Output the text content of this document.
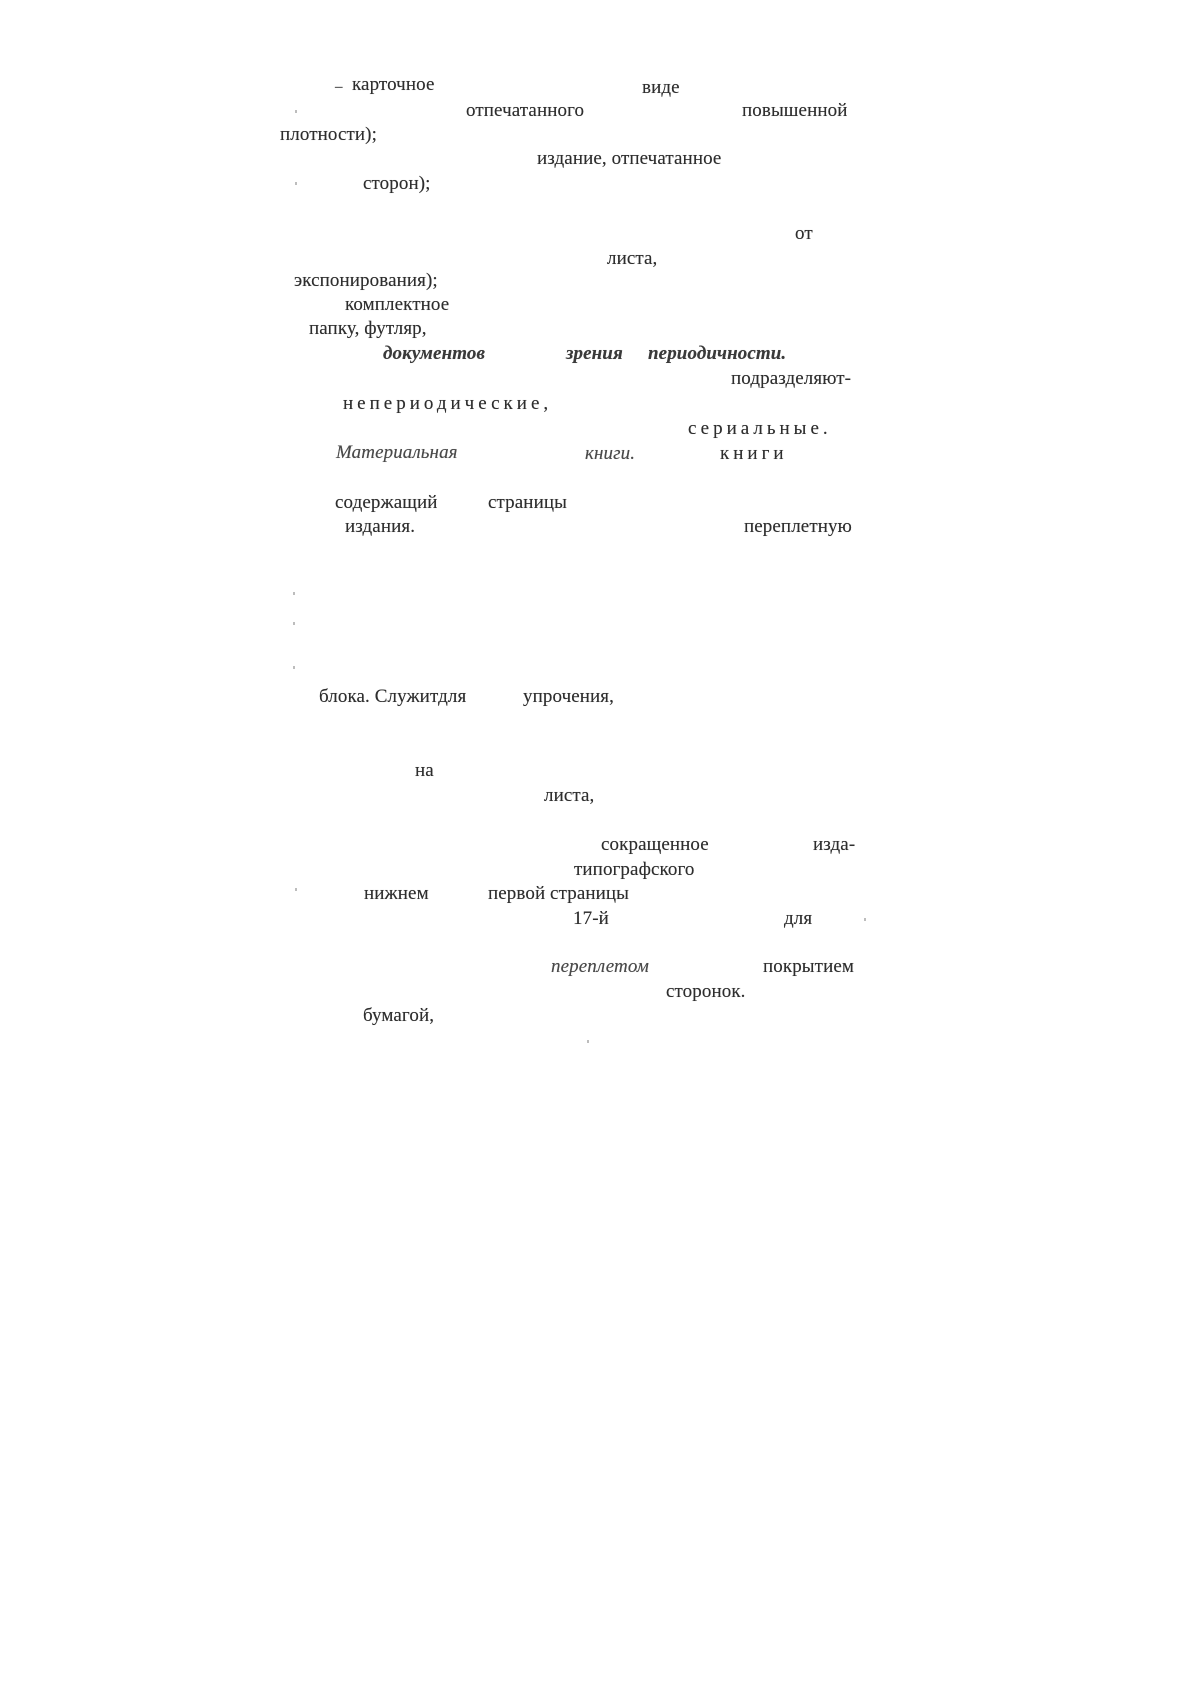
– карточное	виде
отпечатанного	повышенной
плотности);
издание, отпечатанное
сторон);
от
листа,
экспонирования);
комплектное
папку, футляр,
документов	зрения периодичности.
подразделяют-
непериодические,
сериальные.
Материальная	книги.	книги
содержащий	страницы
издания.	переплетную
блока. Служитдля	упрочения,
на
листа,
сокращенное	изда-
типографского
нижнем	первой страницы
17-й	для
переплетом	покрытием
сторонок.
бумагой,
